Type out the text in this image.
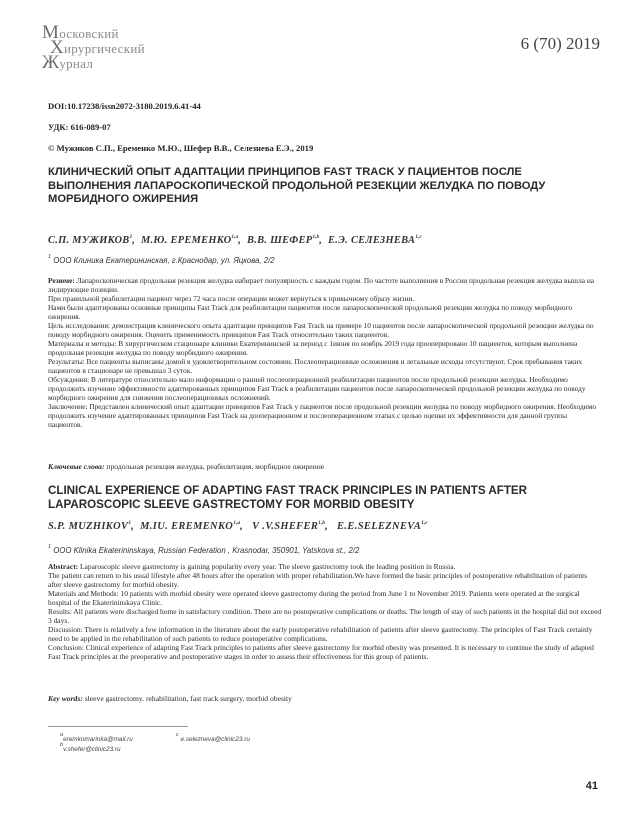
Московский
Хирургический
Журнал
6 (70) 2019
DOI:10.17238/issn2072-3180.2019.6.41-44
УДК: 616-089-07
© Мужиков С.П., Еременко М.Ю., Шефер В.В., Селезнева Е.Э., 2019
КЛИНИЧЕСКИЙ ОПЫТ АДАПТАЦИИ ПРИНЦИПОВ FAST TRACK У ПАЦИЕНТОВ ПОСЛЕ ВЫПОЛНЕНИЯ ЛАПАРОСКОПИЧЕСКОЙ ПРОДОЛЬНОЙ РЕЗЕКЦИИ ЖЕЛУДКА ПО ПОВОДУ МОРБИДНОГО ОЖИРЕНИЯ
С.П. МУЖИКОВ$^1$,  М.Ю. ЕРЕМЕНКО$^{1,a}$,  В.В. ШЕФЕР$^{1,b}$,  Е.Э. СЕЛЕЗНЕВА$^{1,c}$
$^1$ ООО Клиника Екатерининская, г.Краснодар, ул. Яцкова, 2/2

Резюме: Лапароскопическая продольная резекция желудка набирает популярность с каждым годом. По частоте выполнения в России продольная резекция желудка вышла на лидирующие позиции.

При правильной реабилитации пациент через 72 часа после операции может вернуться к привычному образу жизни.

Нами были адаптированы основные принципы Fast Track для реабилитации пациентов после лапароскопической продольной резекции желудка по поводу морбидного ожирения.

Цель исследования: демонстрация клинического опыта адаптации принципов Fast Track на примере 10 пациентов после лапароскопической продольной резекции желудка по поводу морбидного ожирения. Оценить применимость принципов Fast Track относительно таких пациентов.

Материалы и методы: В хирургическом стационаре клиники Екатерининской за период с 1июня по ноябрь 2019 года прооперировано 10 пациентов, которым выполнена продольная резекция желудка по поводу морбидного ожирения.

Результаты: Все пациенты выписаны домой в удовлетворительном состоянии. Послеоперационные осложнения и летальные исходы отсутствуют. Срок пребывания таких пациентов в стационаре не превышал 3 суток.

Обсуждения: В литературе относительно мало информации о ранней послеоперационной реабилитации пациентов после продольной резекции желудка. Необходимо продолжить изучение эффективности адаптированных принципов Fast Track в реабилитации пациентов после лапароскопической продольной резекции желудка по поводу морбидного ожирения для снижения послеоперационных осложнений.

Заключение: Представлен клинический опыт адаптации принципов Fast Track у пациентов после продольной резекции желудка по поводу морбидного ожирения. Необходимо продолжить изучение адаптированных принципов Fast Track на дооперационном и послеоперационном этапах с целью оценки их эффективности для данной группы пациентов.

Ключевые слова: продольная резекция желудка, реабилитация, морбидное ожирение
CLINICAL EXPERIENCE OF ADAPTING FAST TRACK PRINCIPLES IN PATIENTS AFTER LAPAROSCOPIC SLEEVE GASTRECTOMY FOR MORBID OBESITY
S.P. MUZHIKOV$^1$,  M.IU. EREMENKO$^{1,a}$,   V .V.SHEFER$^{1,b}$,   E.E.SELEZNEVA$^{1,c}$
$^1$ OOO Klinika Ekaterininskaya, Russian Federation , Krasnodar, 350901, Yatskova st., 2/2

Abstract: Laparoscopic sleeve gastrectomy is gaining popularity every year. The sleeve gastrectomy took the leading position in Russia.

The patient can return to his usual lifestyle after 48 hours after the operation with proper rehabilitation.We have formed the basic principles of postoperative rehabilitation of patients after sleeve gastrectomy for morbid obesity.

Materials and Methods: 10 patients with morbid obesity were operated sleeve gastrectomy during the period from June 1 to November 2019. Patients were operated at the surgical hospital of the Ekaterininskaya Clinic.

Results: All patients were discharged home in satisfactory condition. There are no postoperative complications or deaths. The length of stay of such patients in the hospital did not exceed 3 days.

Discussion: There is relatively a few information in the literature about the early postoperative rehabilitation of patients after sleeve gastrectomy. The principles of Fast Track certainly need to be applied in the rehabilitation of such patients to reduce postoperative complications.

Conclusion: Clinical experience of adapting Fast Track principles to patients after sleeve gastrectomy for morbid obesity was presented. It is necessary to continue the study of adapted Fast Track principles at the preoperative and postoperative stages in order to assess their effectiveness for this group of patients.

Key words: sleeve gastrectomy. rehabilitation, fast track surgery, morbid obesity
aeremkomarinka@mail.ru
bv.shefer@clinic23.ru
c e.selezneva@clinic23.ru
41
